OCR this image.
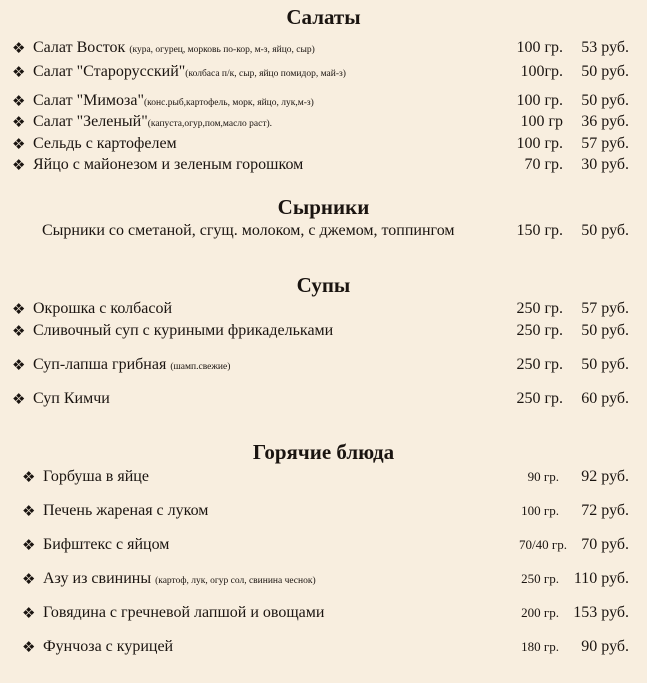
Салаты
Сырники
Супы
Горячие блюда
❖ Салат Восток (кура, огурец, морковь по-кор, м-з, яйцо, сыр)	100 гр. 53 руб.
❖ Салат "Старорусский"(колбаса п/к, сыр, яйцо помидор, май-з)	100гр. 50 руб.
❖ Салат "Мимоза"(конс.рыб,картофель, морк, яйцо, лук,м-з)	100 гр. 50 руб.
❖ Салат "Зеленый"(капуста,огур,пом,масло раст).	100 гр 36 руб.
❖ Сельдь с картофелем	100 гр. 57 руб.
❖ Яйцо с майонезом и зеленым горошком	70 гр. 30 руб.
Сырники со сметаной, сгущ. молоком, с джемом, топпингом	150 гр. 50 руб.
❖ Окрошка с колбасой	250 гр. 57 руб.
❖ Сливочный суп с куриными фрикадельками	250 гр. 50 руб.
❖ Суп-лапша грибная (шамп.свежие)	250 гр. 50 руб.
❖ Суп Кимчи	250 гр. 60 руб.
❖ Горбуша в яйце	90 гр. 92 руб.
❖ Печень жареная с луком	100 гр. 72 руб.
❖ Бифштекс с яйцом	70/40 гр. 70 руб.
❖ Азу из свинины (картоф, лук, огур сол, свинина чеснок)	250 гр. 110 руб.
❖ Говядина с гречневой лапшой и овощами	200 гр. 153 руб.
❖ Фунчоза с курицей	180 гр. 90 руб.
